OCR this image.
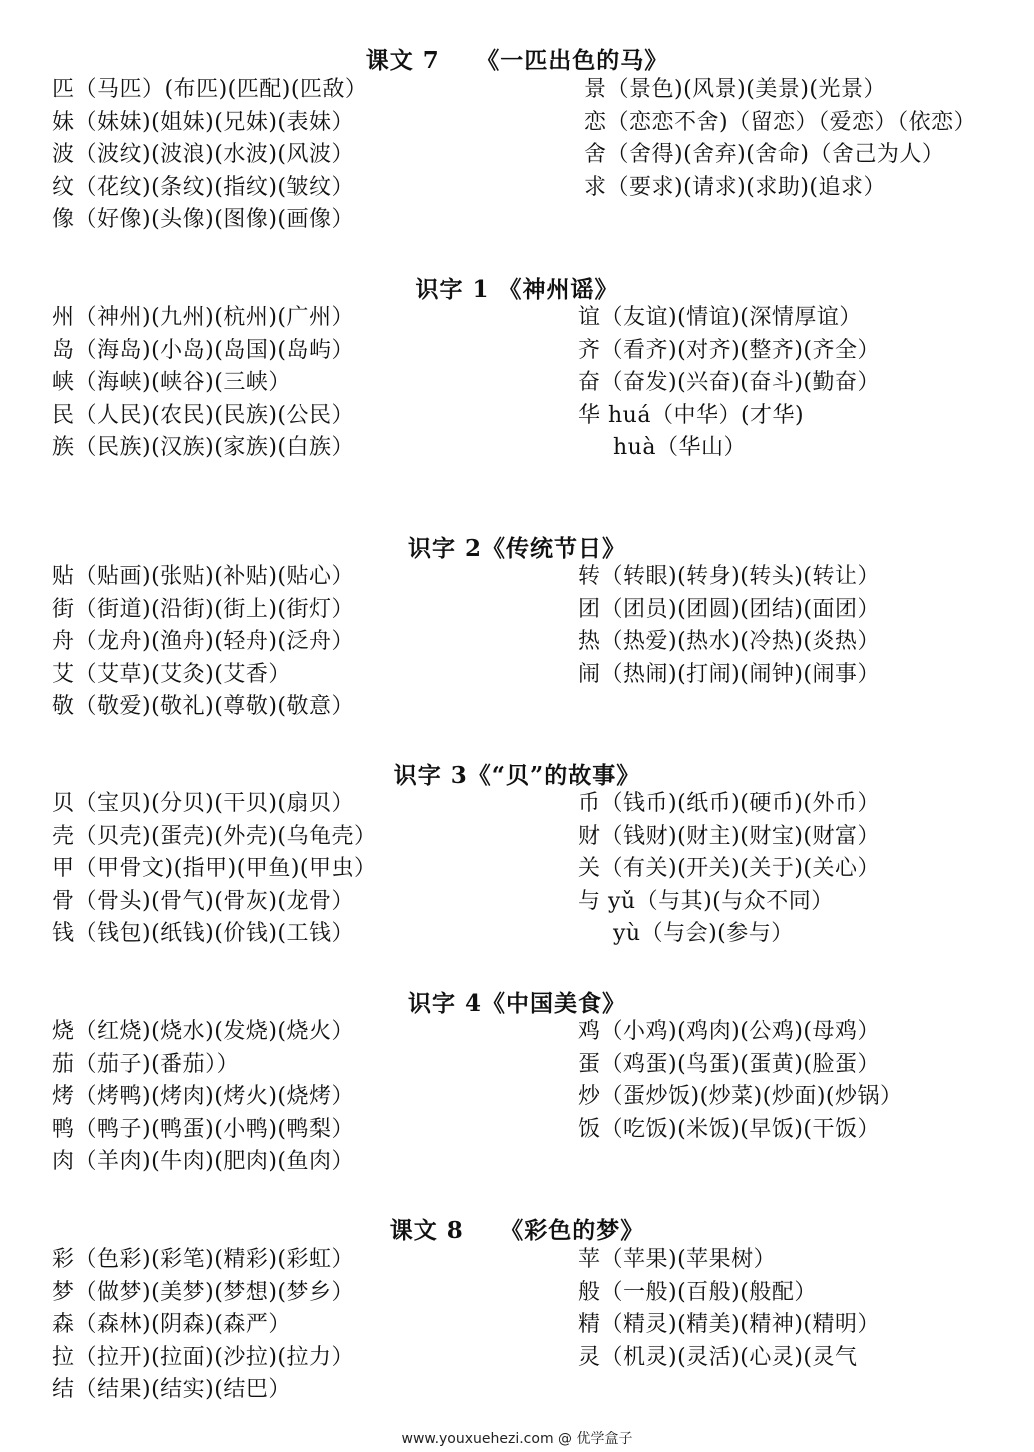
课文 7　　《一匹出色的马》
匹（马匹）(布匹)(匹配)(匹敌）
妹（妹妹)(姐妹)(兄妹)(表妹）
波（波纹)(波浪)(水波)(风波）
纹（花纹)(条纹)(指纹)(皱纹）
像（好像)(头像)(图像)(画像）
景（景色)(风景)(美景)(光景）
恋（恋恋不舍)（留恋）（爱恋）（依恋）
舍（舍得)(舍弃)(舍命)（舍己为人）
求（要求)(请求)(求助)(追求）
识字 1 《神州谣》
州（神州)(九州)(杭州)(广州）
岛（海岛)(小岛)(岛国)(岛屿）
峡（海峡)(峡谷)(三峡）
民（人民)(农民)(民族)(公民）
族（民族)(汉族)(家族)(白族）
谊（友谊)(情谊)(深情厚谊）
齐（看齐)(对齐)(整齐)(齐全）
奋（奋发)(兴奋)(奋斗)(勤奋）
华 huá（中华）(才华)
huà（华山）
识字 2《传统节日》
贴（贴画)(张贴)(补贴)(贴心）
街（街道)(沿街)(街上)(街灯）
舟（龙舟)(渔舟)(轻舟)(泛舟）
艾（艾草)(艾灸)(艾香）
敬（敬爱)(敬礼)(尊敬)(敬意）
转（转眼)(转身)(转头)(转让）
团（团员)(团圆)(团结)(面团）
热（热爱)(热水)(冷热)(炎热）
闹（热闹)(打闹)(闹钟)(闹事）
识字 3《“贝”的故事》
贝（宝贝)(分贝)(干贝)(扇贝）
壳（贝壳)(蛋壳)(外壳)(乌龟壳）
甲（甲骨文)(指甲)(甲鱼)(甲虫）
骨（骨头)(骨气)(骨灰)(龙骨）
钱（钱包)(纸钱)(价钱)(工钱）
币（钱币)(纸币)(硬币)(外币）
财（钱财)(财主)(财宝)(财富）
关（有关)(开关)(关于)(关心）
与 yǔ（与其)(与众不同）
yù（与会)(参与）
识字 4《中国美食》
烧（红烧)(烧水)(发烧)(烧火）
茄（茄子)(番茄））
烤（烤鸭)(烤肉)(烤火)(烧烤）
鸭（鸭子)(鸭蛋)(小鸭)(鸭梨）
肉（羊肉)(牛肉)(肥肉)(鱼肉）
鸡（小鸡)(鸡肉)(公鸡)(母鸡）
蛋（鸡蛋)(鸟蛋)(蛋黄)(脸蛋）
炒（蛋炒饭)(炒菜)(炒面)(炒锅）
饭（吃饭)(米饭)(早饭)(干饭）
课文 8　　《彩色的梦》
彩（色彩)(彩笔)(精彩)(彩虹）
梦（做梦)(美梦)(梦想)(梦乡）
森（森林)(阴森)(森严）
拉（拉开)(拉面)(沙拉)(拉力）
结（结果)(结实)(结巴）
苹（苹果)(苹果树）
般（一般)(百般)(般配）
精（精灵)(精美)(精神)(精明）
灵（机灵)(灵活)(心灵)(灵气
www.youxuehezi.com @ 优学盒子
